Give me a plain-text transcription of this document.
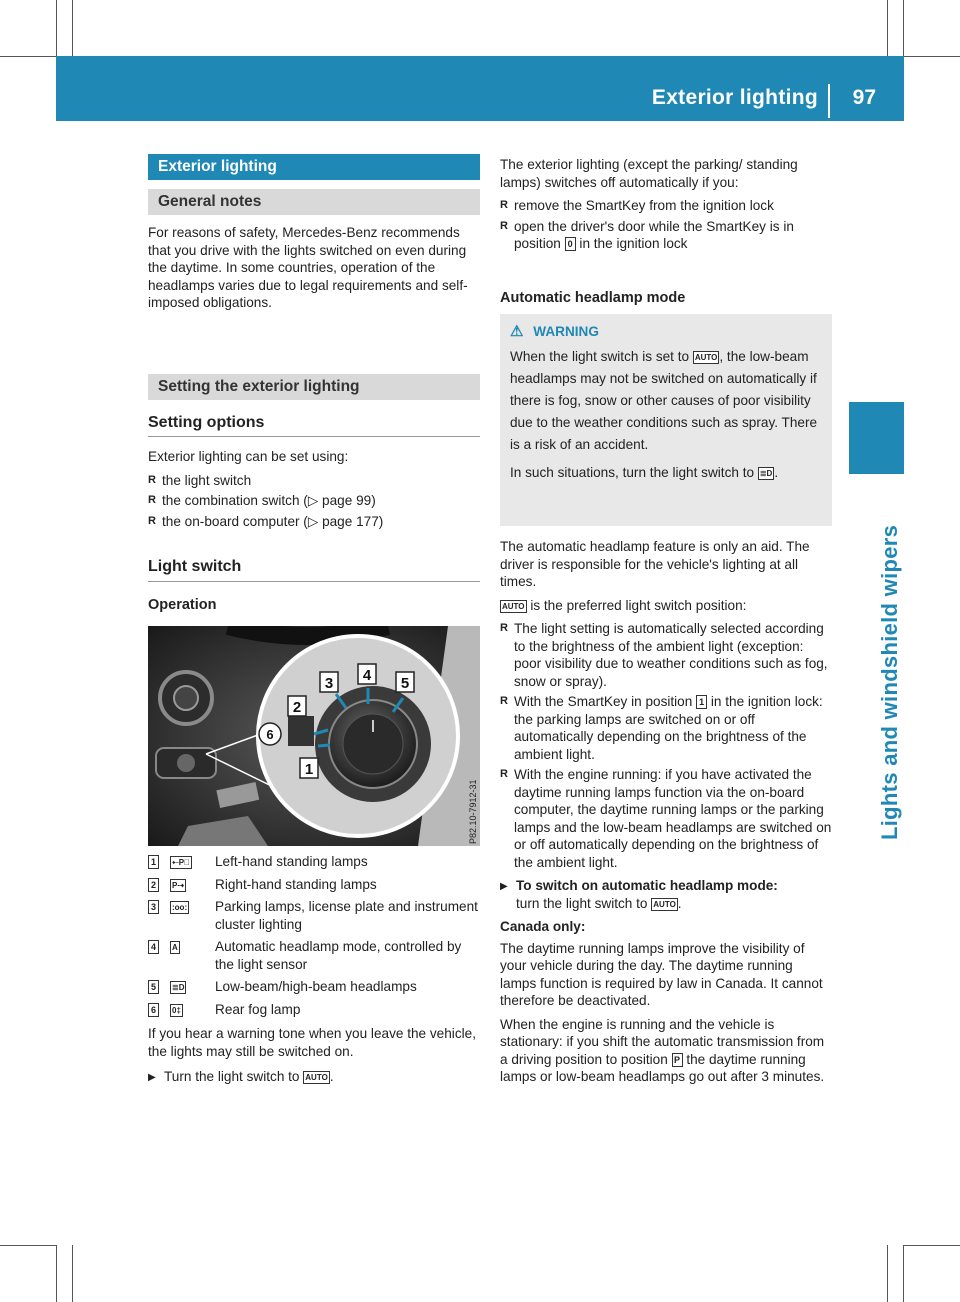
Exterior lighting 97
Lights and windshield wipers
Exterior lighting
General notes

For reasons of safety, Mercedes-Benz recommends that you drive with the lights switched on even during the daytime. In some countries, operation of the headlamps varies due to legal requirements and self-imposed obligations.

Setting the exterior lighting
Setting options

Exterior lighting can be set using:

R the light switch

R the combination switch (▷ page 99)

R the on-board computer (▷ page 177)

Light switch
Operation
3 4 5
2
1
6
P82.10-7912-31
1	⇠P⃒ Left-hand standing lamps
2	P⇢ Right-hand standing lamps
3	:oo: Parking lamps, license plate and instrument cluster lighting
4	A	Automatic headlamp mode, controlled by the light sensor
5	≣D Low-beam/high-beam headlamps
6	0‡	Rear fog lamp

If you hear a warning tone when you leave the vehicle, the lights may still be switched on.

▶ Turn the light switch to AUTO .

The exterior lighting (except the parking/ standing lamps) switches off automatically if you:

R remove the SmartKey from the ignition lock

R open the driver's door while the SmartKey is in position 0 in the ignition lock

Automatic headlamp mode
⚠ WARNING

When the light switch is set to AUTO , the low-beam headlamps may not be switched on automatically if there is fog, snow or other causes of poor visibility due to the weather conditions such as spray. There is a risk of an accident.

In such situations, turn the light switch to ≣D .

The automatic headlamp feature is only an aid. The driver is responsible for the vehicle's lighting at all times.

AUTO is the preferred light switch position:

R The light setting is automatically selected according to the brightness of the ambient light (exception: poor visibility due to weather conditions such as fog, snow or spray).

R With the SmartKey in position 1 in the ignition lock: the parking lamps are switched on or off automatically depending on the brightness of the ambient light.

R With the engine running: if you have activated the daytime running lamps function via the on-board computer, the daytime running lamps or the parking lamps and the low-beam headlamps are switched on or off automatically depending on the brightness of the ambient light.

▶ To switch on automatic headlamp mode:
turn the light switch to AUTO .

Canada only:

The daytime running lamps improve the visibility of your vehicle during the day. The daytime running lamps function is required by law in Canada. It cannot therefore be deactivated.

When the engine is running and the vehicle is stationary: if you shift the automatic transmission from a driving position to position P the daytime running lamps or low-beam headlamps go out after 3 minutes.
